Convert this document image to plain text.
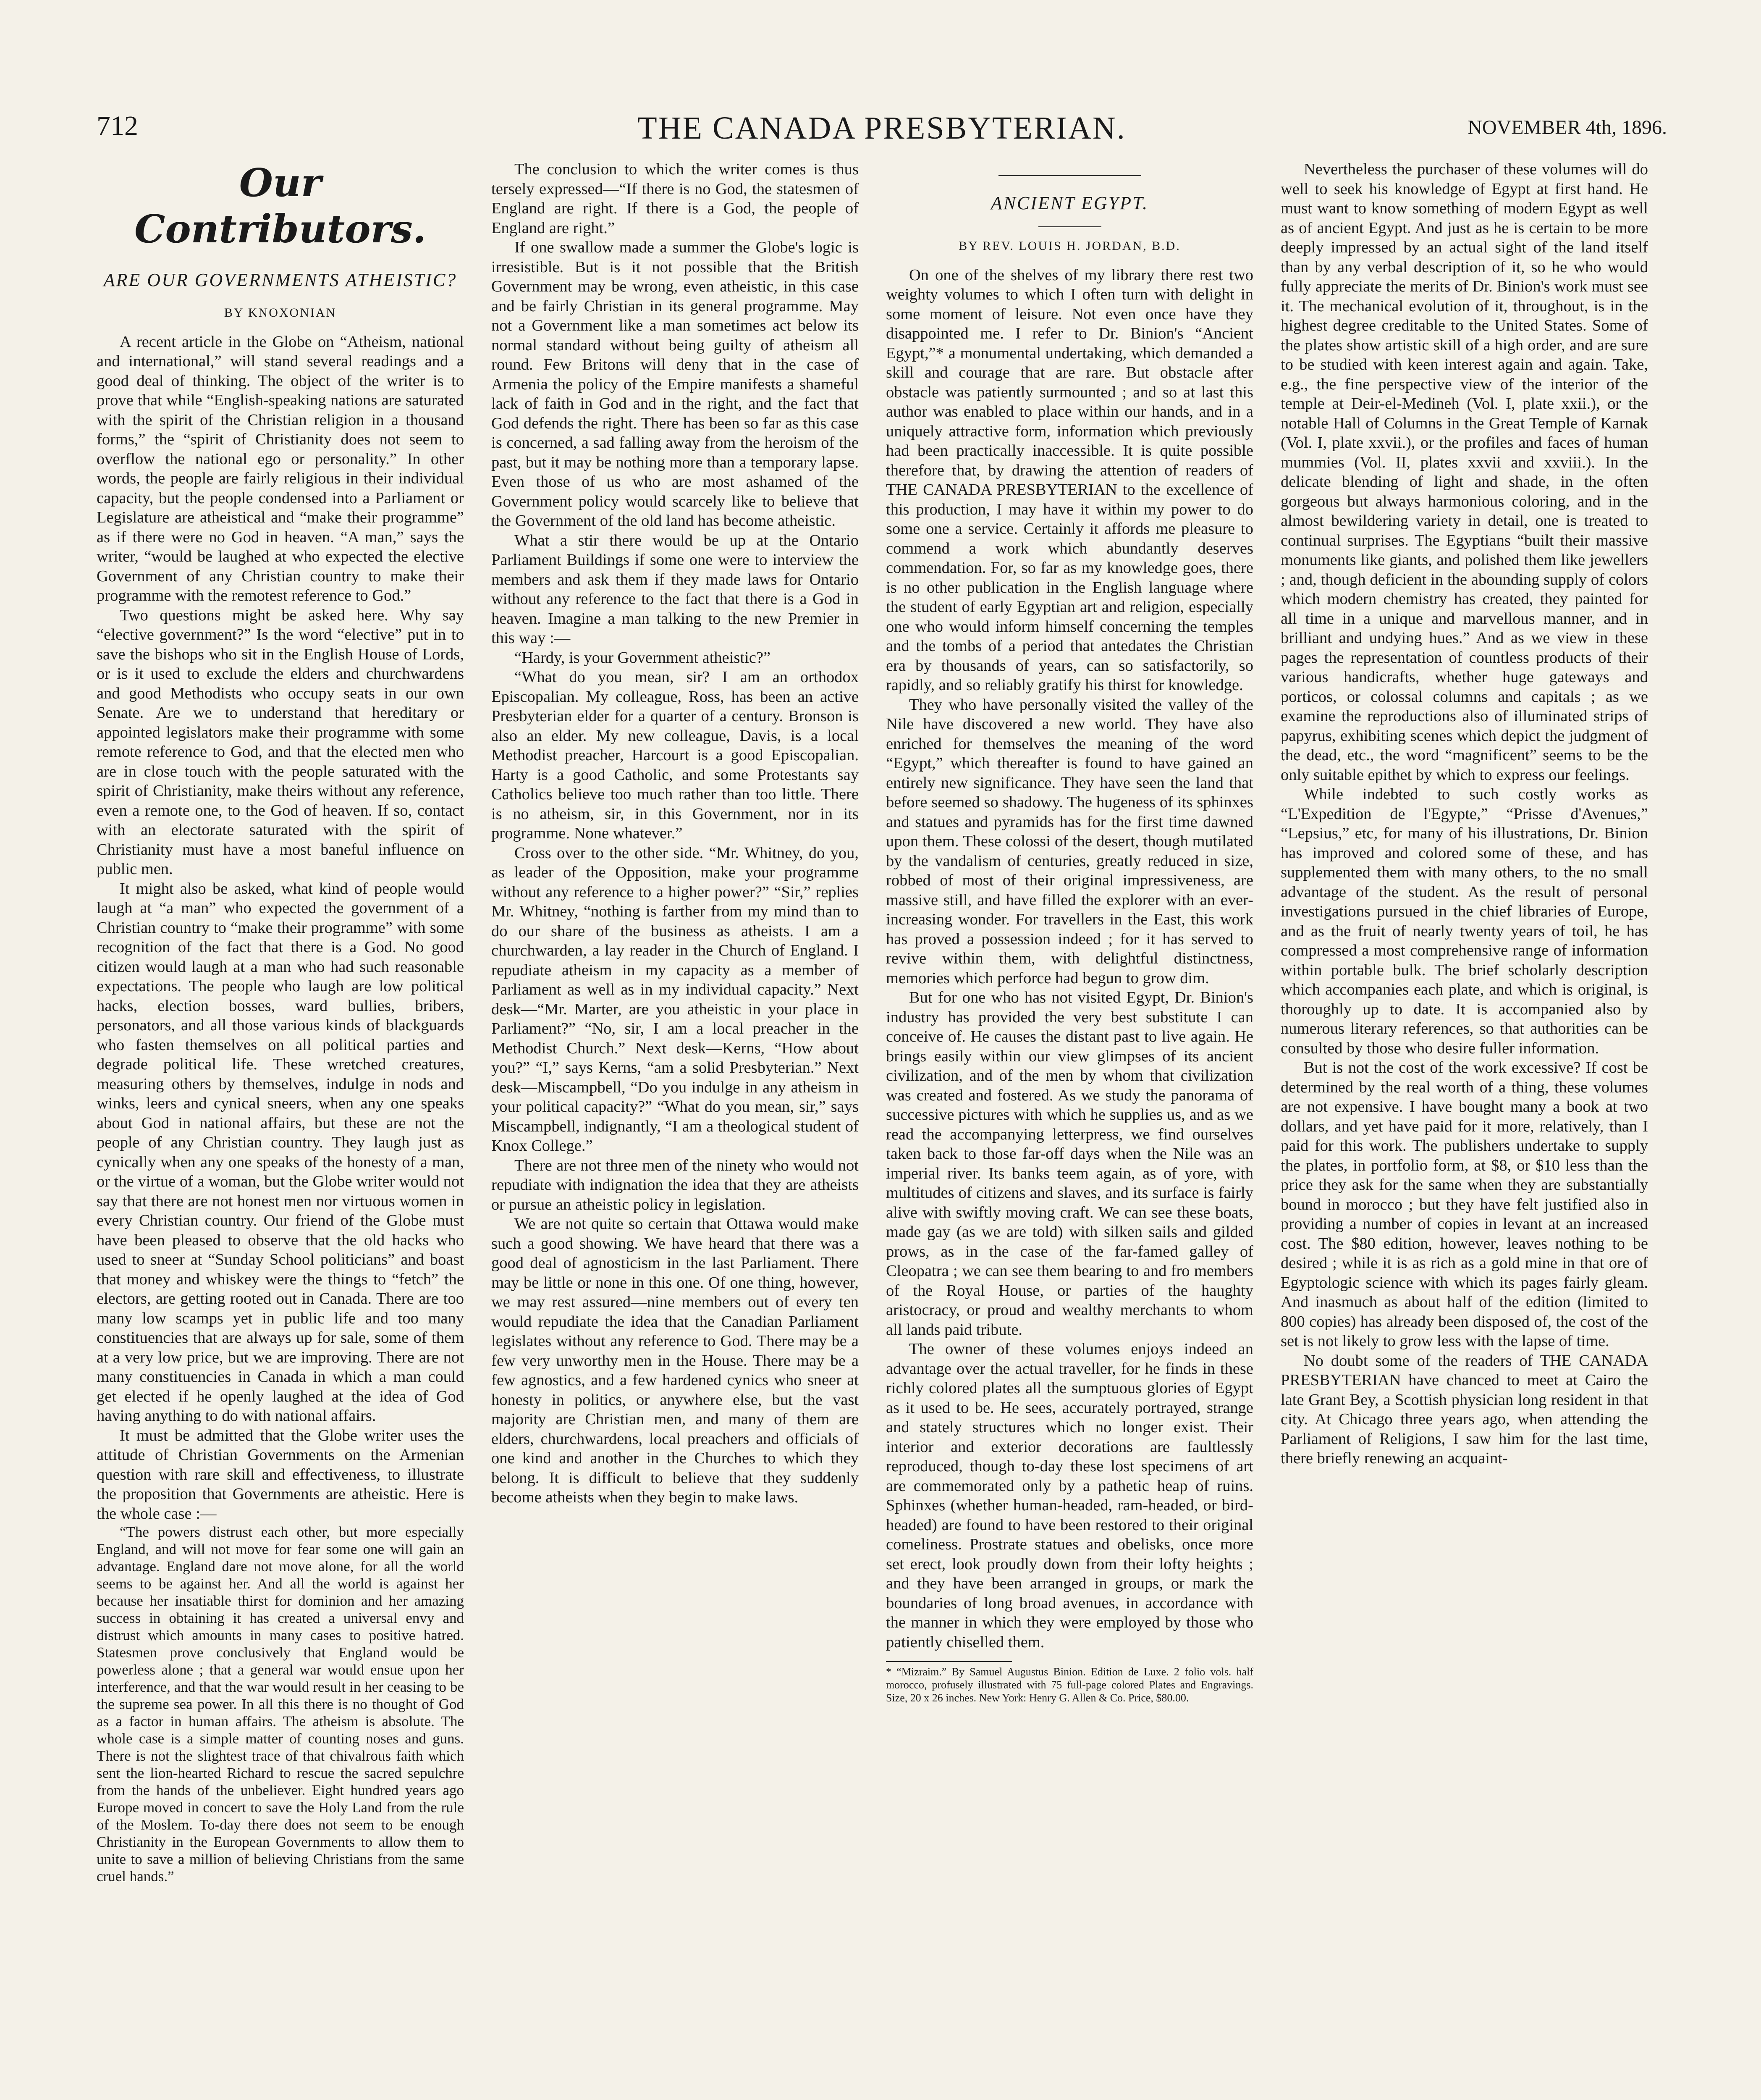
712	THE CANADA PRESBYTERIAN.	NOVEMBER 4th, 1896.
Our Contributors.
ARE OUR GOVERNMENTS ATHEISTIC?
BY KNOXONIAN

A recent article in the Globe on “Atheism, national and international,” will stand several readings and a good deal of thinking. The object of the writer is to prove that while “English-speaking nations are saturated with the spirit of the Christian religion in a thousand forms,” the “spirit of Christianity does not seem to overflow the national ego or personality.” In other words, the people are fairly religious in their individual capacity, but the people condensed into a Parliament or Legislature are atheistical and “make their programme” as if there were no God in heaven. “A man,” says the writer, “would be laughed at who expected the elective Government of any Christian country to make their programme with the remotest reference to God.”

Two questions might be asked here. Why say “elective government?” Is the word “elective” put in to save the bishops who sit in the English House of Lords, or is it used to exclude the elders and churchwardens and good Methodists who occupy seats in our own Senate. Are we to understand that hereditary or appointed legislators make their programme with some remote reference to God, and that the elected men who are in close touch with the people saturated with the spirit of Christianity, make theirs without any reference, even a remote one, to the God of heaven. If so, contact with an electorate saturated with the spirit of Christianity must have a most baneful influence on public men.

It might also be asked, what kind of people would laugh at “a man” who expected the government of a Christian country to “make their programme” with some recognition of the fact that there is a God. No good citizen would laugh at a man who had such reasonable expectations. The people who laugh are low political hacks, election bosses, ward bullies, bribers, personators, and all those various kinds of blackguards who fasten themselves on all political parties and degrade political life. These wretched creatures, measuring others by themselves, indulge in nods and winks, leers and cynical sneers, when any one speaks about God in national affairs, but these are not the people of any Christian country. They laugh just as cynically when any one speaks of the honesty of a man, or the virtue of a woman, but the Globe writer would not say that there are not honest men nor virtuous women in every Christian country. Our friend of the Globe must have been pleased to observe that the old hacks who used to sneer at “Sunday School politicians” and boast that money and whiskey were the things to “fetch” the electors, are getting rooted out in Canada. There are too many low scamps yet in public life and too many constituencies that are always up for sale, some of them at a very low price, but we are improving. There are not many constituencies in Canada in which a man could get elected if he openly laughed at the idea of God having anything to do with national affairs.

It must be admitted that the Globe writer uses the attitude of Christian Governments on the Armenian question with rare skill and effectiveness, to illustrate the proposition that Governments are atheistic. Here is the whole case :—

“The powers distrust each other, but more especially England, and will not move for fear some one will gain an advantage. England dare not move alone, for all the world seems to be against her. And all the world is against her because her insatiable thirst for dominion and her amazing success in obtaining it has created a universal envy and distrust which amounts in many cases to positive hatred. Statesmen prove conclusively that England would be powerless alone ; that a general war would ensue upon her interference, and that the war would result in her ceasing to be the supreme sea power. In all this there is no thought of God as a factor in human affairs. The atheism is absolute. The whole case is a simple matter of counting noses and guns. There is not the slightest trace of that chivalrous faith which sent the lion-hearted Richard to rescue the sacred sepulchre from the hands of the unbeliever. Eight hundred years ago Europe moved in concert to save the Holy Land from the rule of the Moslem. To-day there does not seem to be enough Christianity in the European Governments to allow them to unite to save a million of believing Christians from the same cruel hands.”

The conclusion to which the writer comes is thus tersely expressed—“If there is no God, the statesmen of England are right. If there is a God, the people of England are right.”

If one swallow made a summer the Globe's logic is irresistible. But is it not possible that the British Government may be wrong, even atheistic, in this case and be fairly Christian in its general programme. May not a Government like a man sometimes act below its normal standard without being guilty of atheism all round. Few Britons will deny that in the case of Armenia the policy of the Empire manifests a shameful lack of faith in God and in the right, and the fact that God defends the right. There has been so far as this case is concerned, a sad falling away from the heroism of the past, but it may be nothing more than a temporary lapse. Even those of us who are most ashamed of the Government policy would scarcely like to believe that the Government of the old land has become atheistic.

What a stir there would be up at the Ontario Parliament Buildings if some one were to interview the members and ask them if they made laws for Ontario without any reference to the fact that there is a God in heaven. Imagine a man talking to the new Premier in this way :—

“Hardy, is your Government atheistic?”

“What do you mean, sir? I am an orthodox Episcopalian. My colleague, Ross, has been an active Presbyterian elder for a quarter of a century. Bronson is also an elder. My new colleague, Davis, is a local Methodist preacher, Harcourt is a good Episcopalian. Harty is a good Catholic, and some Protestants say Catholics believe too much rather than too little. There is no atheism, sir, in this Government, nor in its programme. None whatever.”

Cross over to the other side. “Mr. Whitney, do you, as leader of the Opposition, make your programme without any reference to a higher power?” “Sir,” replies Mr. Whitney, “nothing is farther from my mind than to do our share of the business as atheists. I am a churchwarden, a lay reader in the Church of England. I repudiate atheism in my capacity as a member of Parliament as well as in my individual capacity.” Next desk—“Mr. Marter, are you atheistic in your place in Parliament?” “No, sir, I am a local preacher in the Methodist Church.” Next desk—Kerns, “How about you?” “I,” says Kerns, “am a solid Presbyterian.” Next desk—Miscampbell, “Do you indulge in any atheism in your political capacity?” “What do you mean, sir,” says Miscampbell, indignantly, “I am a theological student of Knox College.”

There are not three men of the ninety who would not repudiate with indignation the idea that they are atheists or pursue an atheistic policy in legislation.

We are not quite so certain that Ottawa would make such a good showing. We have heard that there was a good deal of agnosticism in the last Parliament. There may be little or none in this one. Of one thing, however, we may rest assured—nine members out of every ten would repudiate the idea that the Canadian Parliament legislates without any reference to God. There may be a few very unworthy men in the House. There may be a few agnostics, and a few hardened cynics who sneer at honesty in politics, or anywhere else, but the vast majority are Christian men, and many of them are elders, churchwardens, local preachers and officials of one kind and another in the Churches to which they belong. It is difficult to believe that they suddenly become atheists when they begin to make laws.

ANCIENT EGYPT.
BY REV. LOUIS H. JORDAN, B.D.

On one of the shelves of my library there rest two weighty volumes to which I often turn with delight in some moment of leisure. Not even once have they disappointed me. I refer to Dr. Binion's “Ancient Egypt,”* a monumental undertaking, which demanded a skill and courage that are rare. But obstacle after obstacle was patiently surmounted ; and so at last this author was enabled to place within our hands, and in a uniquely attractive form, information which previously had been practically inaccessible. It is quite possible therefore that, by drawing the attention of readers of THE CANADA PRESBYTERIAN to the excellence of this production, I may have it within my power to do some one a service. Certainly it affords me pleasure to commend a work which abundantly deserves commendation. For, so far as my knowledge goes, there is no other publication in the English language where the student of early Egyptian art and religion, especially one who would inform himself concerning the temples and the tombs of a period that antedates the Christian era by thousands of years, can so satisfactorily, so rapidly, and so reliably gratify his thirst for knowledge.

They who have personally visited the valley of the Nile have discovered a new world. They have also enriched for themselves the meaning of the word “Egypt,” which thereafter is found to have gained an entirely new significance. They have seen the land that before seemed so shadowy. The hugeness of its sphinxes and statues and pyramids has for the first time dawned upon them. These colossi of the desert, though mutilated by the vandalism of centuries, greatly reduced in size, robbed of most of their original impressiveness, are massive still, and have filled the explorer with an ever-increasing wonder. For travellers in the East, this work has proved a possession indeed ; for it has served to revive within them, with delightful distinctness, memories which perforce had begun to grow dim.

But for one who has not visited Egypt, Dr. Binion's industry has provided the very best substitute I can conceive of. He causes the distant past to live again. He brings easily within our view glimpses of its ancient civilization, and of the men by whom that civilization was created and fostered. As we study the panorama of successive pictures with which he supplies us, and as we read the accompanying letterpress, we find ourselves taken back to those far-off days when the Nile was an imperial river. Its banks teem again, as of yore, with multitudes of citizens and slaves, and its surface is fairly alive with swiftly moving craft. We can see these boats, made gay (as we are told) with silken sails and gilded prows, as in the case of the far-famed galley of Cleopatra ; we can see them bearing to and fro members of the Royal House, or parties of the haughty aristocracy, or proud and wealthy merchants to whom all lands paid tribute.

The owner of these volumes enjoys indeed an advantage over the actual traveller, for he finds in these richly colored plates all the sumptuous glories of Egypt as it used to be. He sees, accurately portrayed, strange and stately structures which no longer exist. Their interior and exterior decorations are faultlessly reproduced, though to-day these lost specimens of art are commemorated only by a pathetic heap of ruins. Sphinxes (whether human-headed, ram-headed, or bird-headed) are found to have been restored to their original comeliness. Prostrate statues and obelisks, once more set erect, look proudly down from their lofty heights ; and they have been arranged in groups, or mark the boundaries of long broad avenues, in accordance with the manner in which they were employed by those who patiently chiselled them.

* “Mizraim.” By Samuel Augustus Binion. Edition de Luxe. 2 folio vols. half morocco, profusely illustrated with 75 full-page colored Plates and Engravings. Size, 20 x 26 inches. New York: Henry G. Allen & Co. Price, $80.00.

Nevertheless the purchaser of these volumes will do well to seek his knowledge of Egypt at first hand. He must want to know something of modern Egypt as well as of ancient Egypt. And just as he is certain to be more deeply impressed by an actual sight of the land itself than by any verbal description of it, so he who would fully appreciate the merits of Dr. Binion's work must see it. The mechanical evolution of it, throughout, is in the highest degree creditable to the United States. Some of the plates show artistic skill of a high order, and are sure to be studied with keen interest again and again. Take, e.g., the fine perspective view of the interior of the temple at Deir-el-Medineh (Vol. I, plate xxii.), or the notable Hall of Columns in the Great Temple of Karnak (Vol. I, plate xxvii.), or the profiles and faces of human mummies (Vol. II, plates xxvii and xxviii.). In the delicate blending of light and shade, in the often gorgeous but always harmonious coloring, and in the almost bewildering variety in detail, one is treated to continual surprises. The Egyptians “built their massive monuments like giants, and polished them like jewellers ; and, though deficient in the abounding supply of colors which modern chemistry has created, they painted for all time in a unique and marvellous manner, and in brilliant and undying hues.” And as we view in these pages the representation of countless products of their various handicrafts, whether huge gateways and porticos, or colossal columns and capitals ; as we examine the reproductions also of illuminated strips of papyrus, exhibiting scenes which depict the judgment of the dead, etc., the word “magnificent” seems to be the only suitable epithet by which to express our feelings.

While indebted to such costly works as “L'Expedition de l'Egypte,” “Prisse d'Avenues,” “Lepsius,” etc, for many of his illustrations, Dr. Binion has improved and colored some of these, and has supplemented them with many others, to the no small advantage of the student. As the result of personal investigations pursued in the chief libraries of Europe, and as the fruit of nearly twenty years of toil, he has compressed a most comprehensive range of information within portable bulk. The brief scholarly description which accompanies each plate, and which is original, is thoroughly up to date. It is accompanied also by numerous literary references, so that authorities can be consulted by those who desire fuller information.

But is not the cost of the work excessive? If cost be determined by the real worth of a thing, these volumes are not expensive. I have bought many a book at two dollars, and yet have paid for it more, relatively, than I paid for this work. The publishers undertake to supply the plates, in portfolio form, at $8, or $10 less than the price they ask for the same when they are substantially bound in morocco ; but they have felt justified also in providing a number of copies in levant at an increased cost. The $80 edition, however, leaves nothing to be desired ; while it is as rich as a gold mine in that ore of Egyptologic science with which its pages fairly gleam. And inasmuch as about half of the edition (limited to 800 copies) has already been disposed of, the cost of the set is not likely to grow less with the lapse of time.

No doubt some of the readers of THE CANADA PRESBYTERIAN have chanced to meet at Cairo the late Grant Bey, a Scottish physician long resident in that city. At Chicago three years ago, when attending the Parliament of Religions, I saw him for the last time, there briefly renewing an acquaint-
